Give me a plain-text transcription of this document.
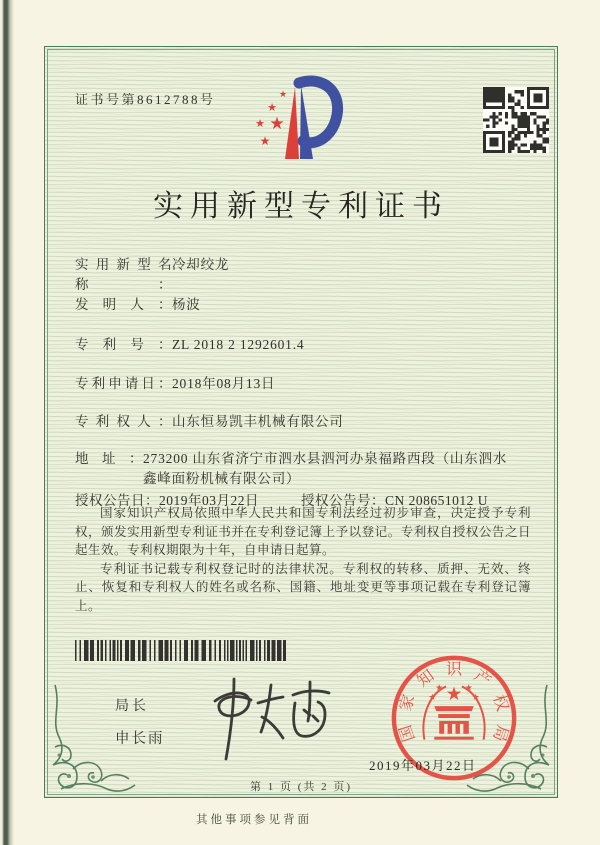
证书号第8612788号	★
★
★
★
★
实用新型专利证书
实用新型名称：
冷却绞龙
发明人： 杨波
专利号： ZL 2018 2 1292601.4
专利申请日： 2018年08月13日
专利权人： 山东恒易凯丰机械有限公司
地址： 273200 山东省济宁市泗水县泗河办泉福路西段（山东泗水鑫峰面粉机械有限公司）
授权公告日：2019年03月22日	授权公告号：CN 208651012 U

国家知识产权局依照中华人民共和国专利法经过初步审查，决定授予专利权，颁发实用新型专利证书并在专利登记簿上予以登记。专利权自授权公告之日起生效。专利权期限为十年，自申请日起算。

专利证书记载专利权登记时的法律状况。专利权的转移、质押、无效、终止、恢复和专利权人的姓名或名称、国籍、地址变更等事项记载在专利登记簿上。

局长
申长雨	国
家
知 识 产
权
局
★
★ ★
★	★
2019年03月22日
第 1 页 (共 2 页)
其他事项参见背面
